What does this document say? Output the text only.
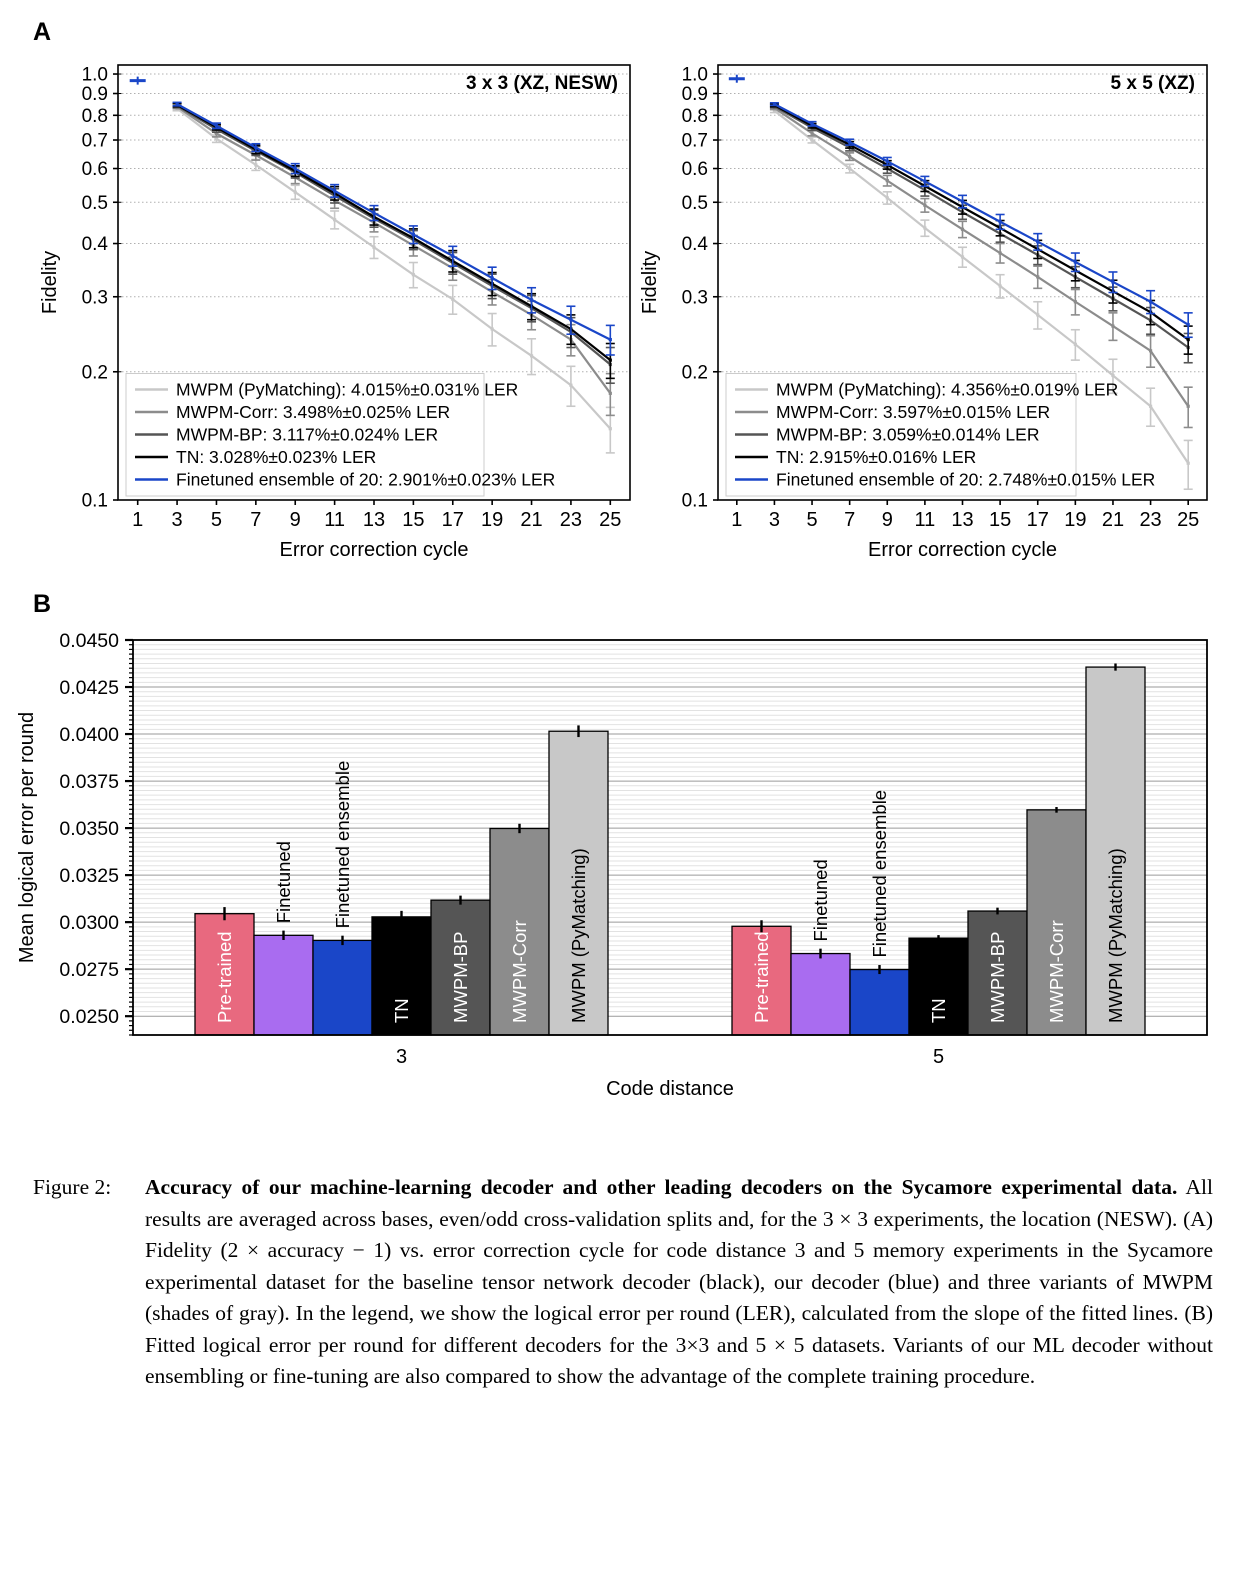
A
B
0.1
0.2
0.3
0.4
0.5
0.6
0.7
0.8
0.9
1.0
1 3 5 7 9 11 13 15 17 19 21 23 25
Error correction cycle
Fidelity
3 x 3 (XZ, NESW)
MWPM (PyMatching): 4.015%±0.031% LER
MWPM-Corr: 3.498%±0.025% LER
MWPM-BP: 3.117%±0.024% LER
TN: 3.028%±0.023% LER
Finetuned ensemble of 20: 2.901%±0.023% LER
0.1
0.2
0.3
0.4
0.5
0.6
0.7
0.8
0.9
1.0
1 3 5 7 9 11 13 15 17 19 21 23 25
Error correction cycle
Fidelity
5 x 5 (XZ)
MWPM (PyMatching): 4.356%±0.019% LER
MWPM-Corr: 3.597%±0.015% LER
MWPM-BP: 3.059%±0.014% LER
TN: 2.915%±0.016% LER
Finetuned ensemble of 20: 2.748%±0.015% LER
Pre-trained
Finetuned Finetuned ensemble
TN MWPM-BP MWPM-Corr MWPM (PyMatching)
3
Pre-trained
Finetuned Finetuned ensemble
TN MWPM-BP MWPM-Corr MWPM (PyMatching)
5
0.0250
0.0275
0.0300
0.0325
0.0350
0.0375
0.0400
0.0425
0.0450
Code distance
Mean logical error per round
Figure 2:	Accuracy of our machine-learning decoder and other leading decoders on the Sycamore experimental data. All results are averaged across bases, even/odd cross-validation splits and, for the 3 × 3 experiments, the location (NESW). (A) Fidelity (2 × accuracy − 1) vs. error correction cycle for code distance 3 and 5 memory experiments in the Sycamore experimental dataset for the baseline tensor network decoder (black), our decoder (blue) and three variants of MWPM (shades of gray). In the legend, we show the logical error per round (LER), calculated from the slope of the fitted lines. (B) Fitted logical error per round for different decoders for the 3×3 and 5 × 5 datasets. Variants of our ML decoder without ensembling or fine-tuning are also compared to show the advantage of the complete training procedure.
